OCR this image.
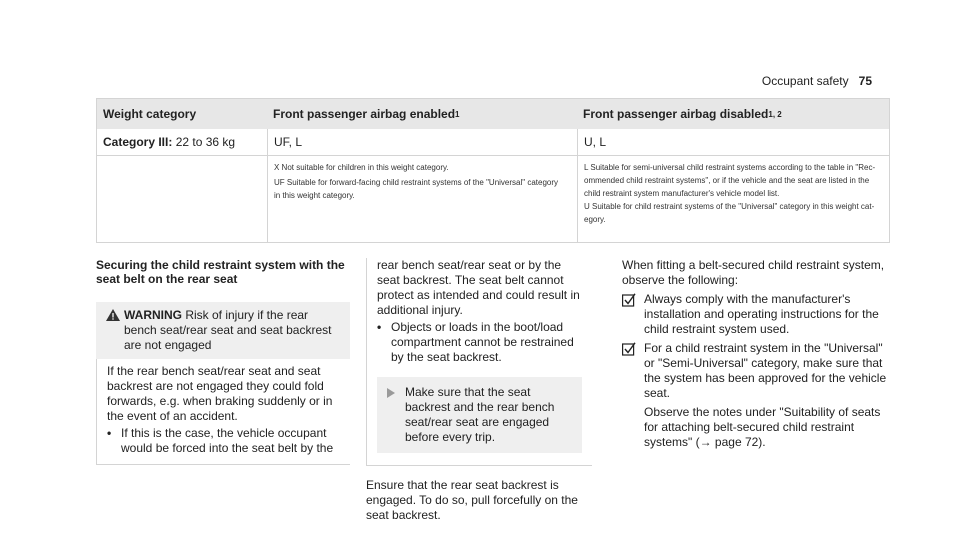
Occupant safety 75
Weight category	Front passenger airbag enabled 1	Front passenger airbag disabled 1, 2
Category III: 22 to 36 kg	UF, L	U, L
X Not suitable for children in this weight category.
UF Suitable for forward-facing child restraint systems of the "Universal" category
in this weight category.
L Suitable for semi-universal child restraint systems according to the table in "Rec-
ommended child restraint systems", or if the vehicle and the seat are listed in the
child restraint system manufacturer's vehicle model list.
U Suitable for child restraint systems of the "Universal" category in this weight cat-
egory.
Securing the child restraint system with the
seat belt on the rear seat
WARNING Risk of injury if the rear bench seat/rear seat and seat backrest are not engaged

If the rear bench seat/rear seat and seat backrest are not engaged they could fold forwards, e.g. when braking suddenly or in the event of an accident.

• If this is the case, the vehicle occupant would be forced into the seat belt by the

rear bench seat/rear seat or by the seat backrest. The seat belt cannot protect as intended and could result in additional injury.

• Objects or loads in the boot/load compartment cannot be restrained by the seat backrest.
Make sure that the seat backrest and the rear bench seat/rear seat are engaged before every trip.

Ensure that the rear seat backrest is engaged. To do so, pull forcefully on the seat backrest.

When fitting a belt-secured child restraint system, observe the following:

Always comply with the manufacturer's installation and operating instructions for the child restraint system used.

For a child restraint system in the "Universal" or "Semi-Universal" category, make sure that the system has been approved for the vehicle seat.

Observe the notes under "Suitability of seats for attaching belt-secured child restraint systems" (→ page 72).
